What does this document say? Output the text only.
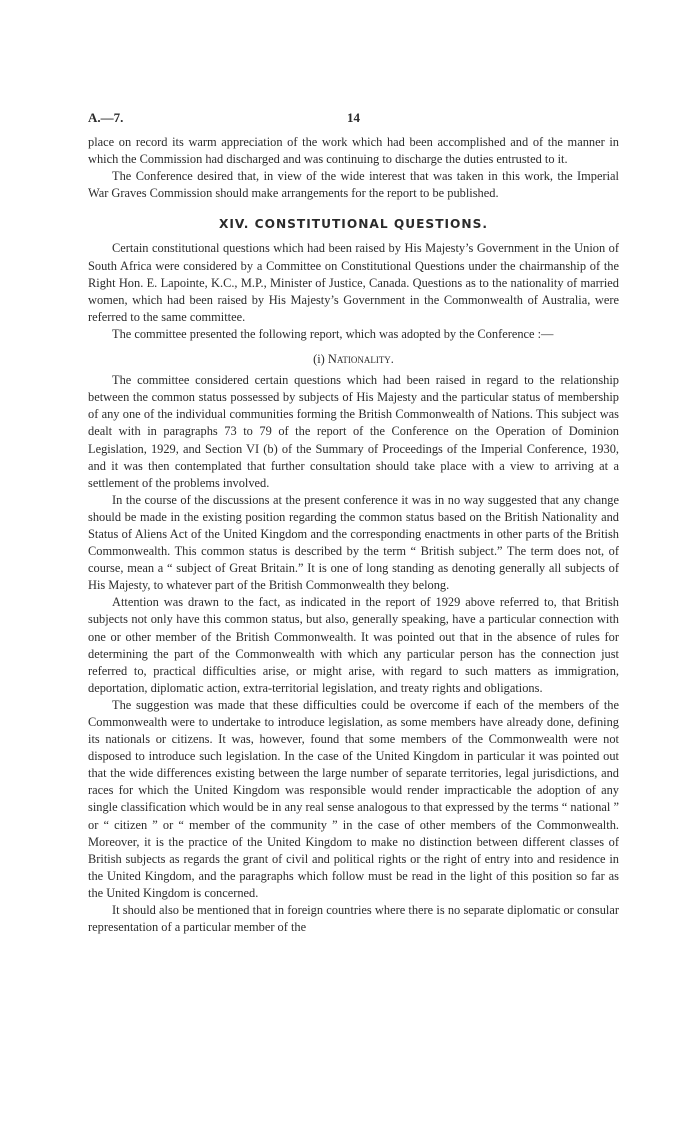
A.—7.	14

place on record its warm appreciation of the work which had been accomplished and of the manner in which the Commission had discharged and was continuing to discharge the duties entrusted to it.

The Conference desired that, in view of the wide interest that was taken in this work, the Imperial War Graves Commission should make arrangements for the report to be published.

XIV. CONSTITUTIONAL QUESTIONS.

Certain constitutional questions which had been raised by His Majesty’s Government in the Union of South Africa were considered by a Committee on Constitutional Questions under the chairmanship of the Right Hon. E. Lapointe, K.C., M.P., Minister of Justice, Canada. Questions as to the nationality of married women, which had been raised by His Majesty’s Government in the Commonwealth of Australia, were referred to the same committee.

The committee presented the following report, which was adopted by the Conference :—

(i) Nationality.

The committee considered certain questions which had been raised in regard to the relationship between the common status possessed by subjects of His Majesty and the particular status of membership of any one of the individual communities forming the British Commonwealth of Nations. This subject was dealt with in paragraphs 73 to 79 of the report of the Conference on the Operation of Dominion Legislation, 1929, and Section VI (b) of the Summary of Proceedings of the Imperial Conference, 1930, and it was then contemplated that further consultation should take place with a view to arriving at a settlement of the problems involved.

In the course of the discussions at the present conference it was in no way suggested that any change should be made in the existing position regarding the common status based on the British Nationality and Status of Aliens Act of the United Kingdom and the corresponding enactments in other parts of the British Commonwealth. This common status is described by the term “ British subject.” The term does not, of course, mean a “ subject of Great Britain.” It is one of long standing as denoting generally all subjects of His Majesty, to whatever part of the British Commonwealth they belong.

Attention was drawn to the fact, as indicated in the report of 1929 above referred to, that British subjects not only have this common status, but also, generally speaking, have a particular connection with one or other member of the British Commonwealth. It was pointed out that in the absence of rules for determining the part of the Commonwealth with which any particular person has the connection just referred to, practical difficulties arise, or might arise, with regard to such matters as immigration, deportation, diplomatic action, extra-territorial legislation, and treaty rights and obligations.

The suggestion was made that these difficulties could be overcome if each of the members of the Commonwealth were to undertake to introduce legislation, as some members have already done, defining its nationals or citizens. It was, however, found that some members of the Commonwealth were not disposed to introduce such legislation. In the case of the United Kingdom in particular it was pointed out that the wide differences existing between the large number of separate territories, legal jurisdictions, and races for which the United Kingdom was responsible would render impracticable the adoption of any single classification which would be in any real sense analogous to that expressed by the terms “ national ” or “ citizen ” or “ member of the community ” in the case of other members of the Commonwealth. Moreover, it is the practice of the United Kingdom to make no distinction between different classes of British subjects as regards the grant of civil and political rights or the right of entry into and residence in the United Kingdom, and the paragraphs which follow must be read in the light of this position so far as the United Kingdom is concerned.

It should also be mentioned that in foreign countries where there is no separate diplomatic or consular representation of a particular member of the
